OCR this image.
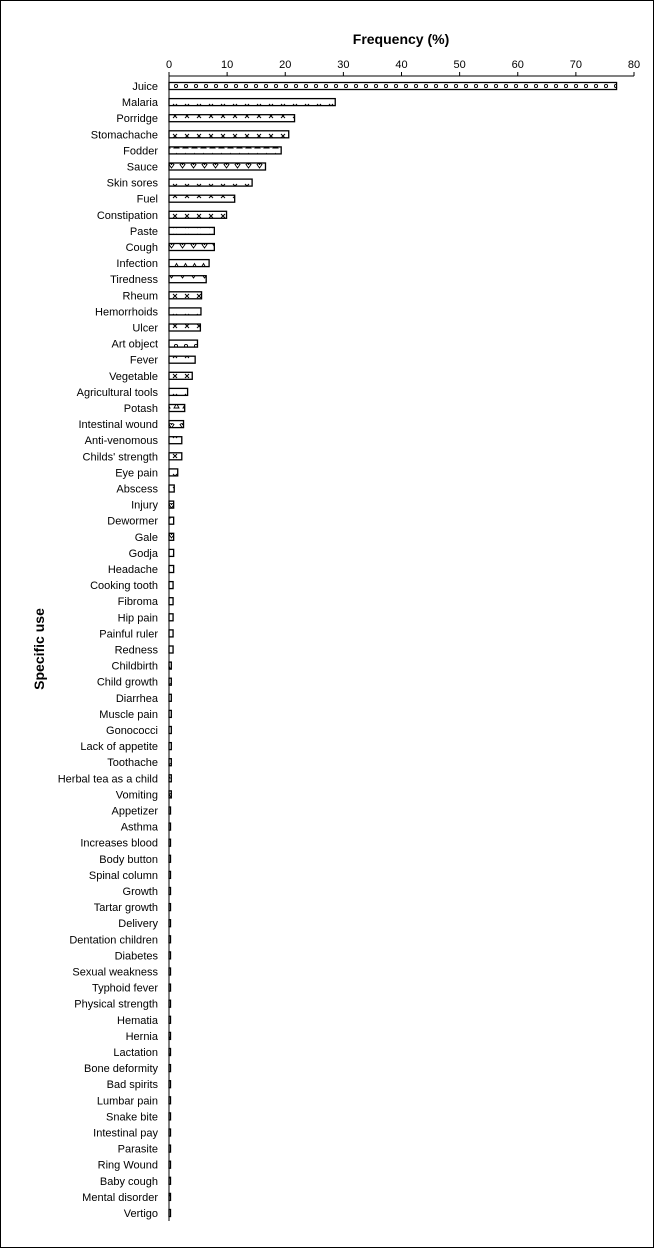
Frequency (%)
Specific use
0	10	20	30	40	50	60	70	80
Juice
Malaria
Porridge
Stomachache
Fodder
Sauce
Skin sores
Fuel
Constipation
Paste
Cough
Infection
Tiredness
Rheum
Hemorrhoids
Ulcer
Art object
Fever
Vegetable
Agricultural tools
Potash
Intestinal wound
Anti-venomous
Childs' strength
Eye pain
Abscess
Injury
Dewormer
Gale
Godja
Headache
Cooking tooth
Fibroma
Hip pain
Painful ruler
Redness
Childbirth
Child growth
Diarrhea
Muscle pain
Gonococci
Lack of appetite
Toothache
Herbal tea as a child
Vomiting
Appetizer
Asthma
Increases blood
Body button
Spinal column
Growth
Tartar growth
Delivery
Dentation children
Diabetes
Sexual weakness
Typhoid fever
Physical strength
Hematia
Hernia
Lactation
Bone deformity
Bad spirits
Lumbar pain
Snake bite
Intestinal pay
Parasite
Ring Wound
Baby cough
Mental disorder
Vertigo
